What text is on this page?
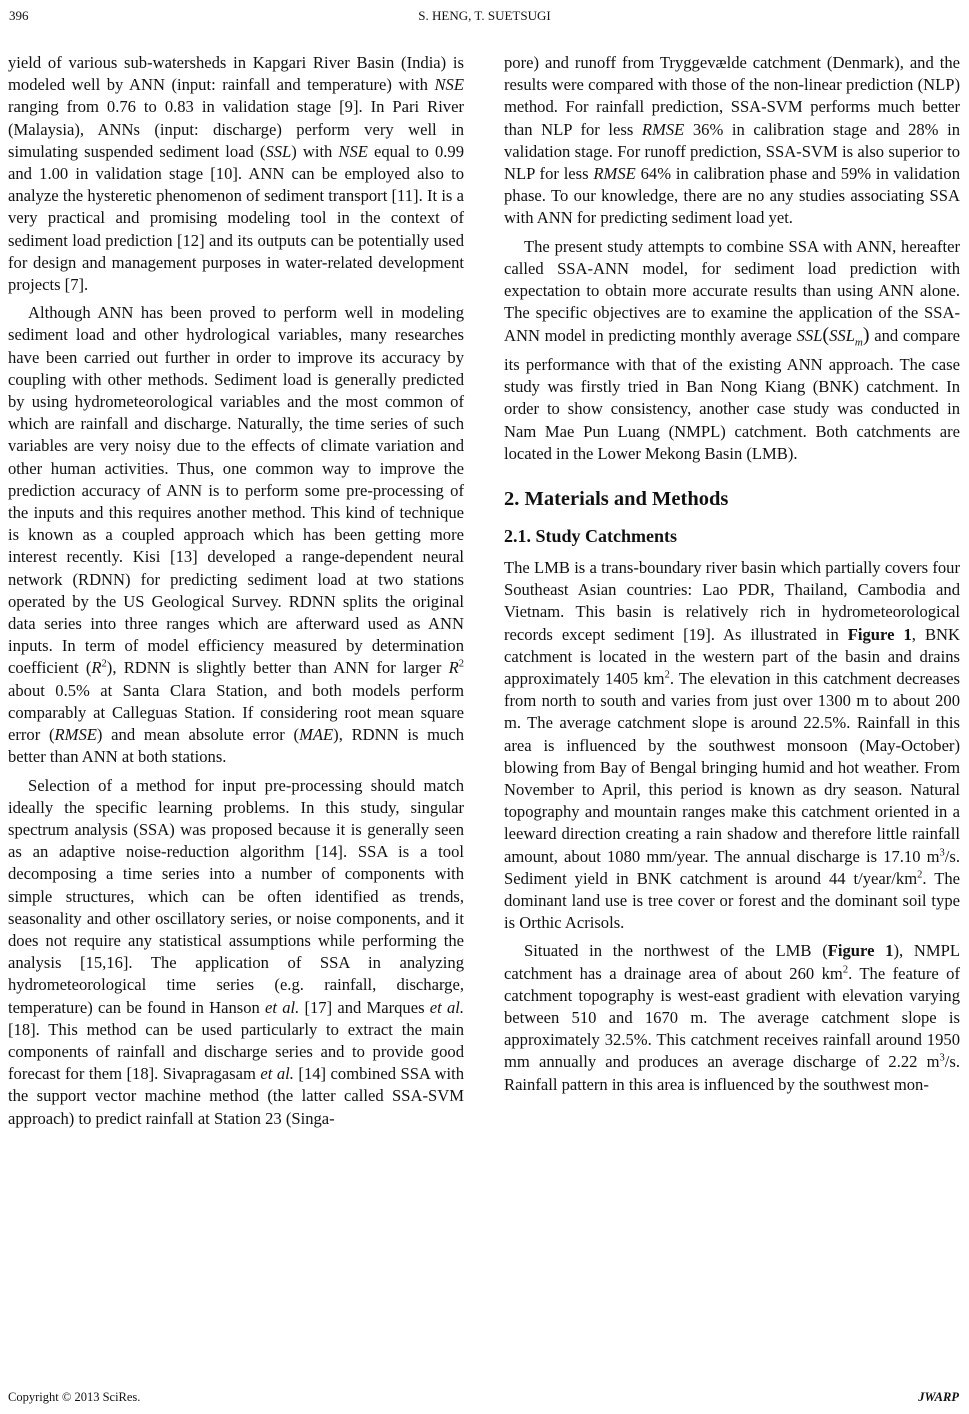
396	S. HENG, T. SUETSUGI

yield of various sub-watersheds in Kapgari River Basin (India) is modeled well by ANN (input: rainfall and temperature) with NSE ranging from 0.76 to 0.83 in validation stage [9]. In Pari River (Malaysia), ANNs (input: discharge) perform very well in simulating suspended sediment load (SSL) with NSE equal to 0.99 and 1.00 in validation stage [10]. ANN can be employed also to analyze the hysteretic phenomenon of sediment transport [11]. It is a very practical and promising modeling tool in the context of sediment load prediction [12] and its outputs can be potentially used for design and management purposes in water-related development projects [7].

Although ANN has been proved to perform well in modeling sediment load and other hydrological variables, many researches have been carried out further in order to improve its accuracy by coupling with other methods. Sediment load is generally predicted by using hydrometeorological variables and the most common of which are rainfall and discharge. Naturally, the time series of such variables are very noisy due to the effects of climate variation and other human activities. Thus, one common way to improve the prediction accuracy of ANN is to perform some pre-processing of the inputs and this requires another method. This kind of technique is known as a coupled approach which has been getting more interest recently. Kisi [13] developed a range-dependent neural network (RDNN) for predicting sediment load at two stations operated by the US Geological Survey. RDNN splits the original data series into three ranges which are afterward used as ANN inputs. In term of model efficiency measured by determination coefficient $(R^2)$, RDNN is slightly better than ANN for larger $R^2$ about 0.5% at Santa Clara Station, and both models perform comparably at Calleguas Station. If considering root mean square error (RMSE) and mean absolute error (MAE), RDNN is much better than ANN at both stations.

Selection of a method for input pre-processing should match ideally the specific learning problems. In this study, singular spectrum analysis (SSA) was proposed because it is generally seen as an adaptive noise-reduction algorithm [14]. SSA is a tool decomposing a time series into a number of components with simple structures, which can be often identified as trends, seasonality and other oscillatory series, or noise components, and it does not require any statistical assumptions while performing the analysis [15,16]. The application of SSA in analyzing hydrometeorological time series (e.g. rainfall, discharge, temperature) can be found in Hanson et al. [17] and Marques et al. [18]. This method can be used particularly to extract the main components of rainfall and discharge series and to provide good forecast for them [18]. Sivapragasam et al. [14] combined SSA with the support vector machine method (the latter called SSA-SVM approach) to predict rainfall at Station 23 (Singa-

pore) and runoff from Tryggevælde catchment (Denmark), and the results were compared with those of the non-linear prediction (NLP) method. For rainfall prediction, SSA-SVM performs much better than NLP for less RMSE 36% in calibration stage and 28% in validation stage. For runoff prediction, SSA-SVM is also superior to NLP for less RMSE 64% in calibration phase and 59% in validation phase. To our knowledge, there are no any studies associating SSA with ANN for predicting sediment load yet.

The present study attempts to combine SSA with ANN, hereafter called SSA-ANN model, for sediment load prediction with expectation to obtain more accurate results than using ANN alone. The specific objectives are to examine the application of the SSA-ANN model in predicting monthly average $SSL(SSL_m)$ and compare its performance with that of the existing ANN approach. The case study was firstly tried in Ban Nong Kiang (BNK) catchment. In order to show consistency, another case study was conducted in Nam Mae Pun Luang (NMPL) catchment. Both catchments are located in the Lower Mekong Basin (LMB).

2. Materials and Methods
2.1. Study Catchments

The LMB is a trans-boundary river basin which partially covers four Southeast Asian countries: Lao PDR, Thailand, Cambodia and Vietnam. This basin is relatively rich in hydrometeorological records except sediment [19]. As illustrated in Figure 1, BNK catchment is located in the western part of the basin and drains approximately 1405 $km^2$. The elevation in this catchment decreases from north to south and varies from just over 1300 m to about 200 m. The average catchment slope is around 22.5%. Rainfall in this area is influenced by the southwest monsoon (May-October) blowing from Bay of Bengal bringing humid and hot weather. From November to April, this period is known as dry season. Natural topography and mountain ranges make this catchment oriented in a leeward direction creating a rain shadow and therefore little rainfall amount, about 1080 mm/year. The annual discharge is 17.10 $m^3/s$. Sediment yield in BNK catchment is around 44 $t/year/km^2$. The dominant land use is tree cover or forest and the dominant soil type is Orthic Acrisols.

Situated in the northwest of the LMB (Figure 1), NMPL catchment has a drainage area of about 260 $km^2$. The feature of catchment topography is west-east gradient with elevation varying between 510 and 1670 m. The average catchment slope is approximately 32.5%. This catchment receives rainfall around 1950 mm annually and produces an average discharge of 2.22 $m^3/s$. Rainfall pattern in this area is influenced by the southwest mon-

Copyright © 2013 SciRes.	JWARP
